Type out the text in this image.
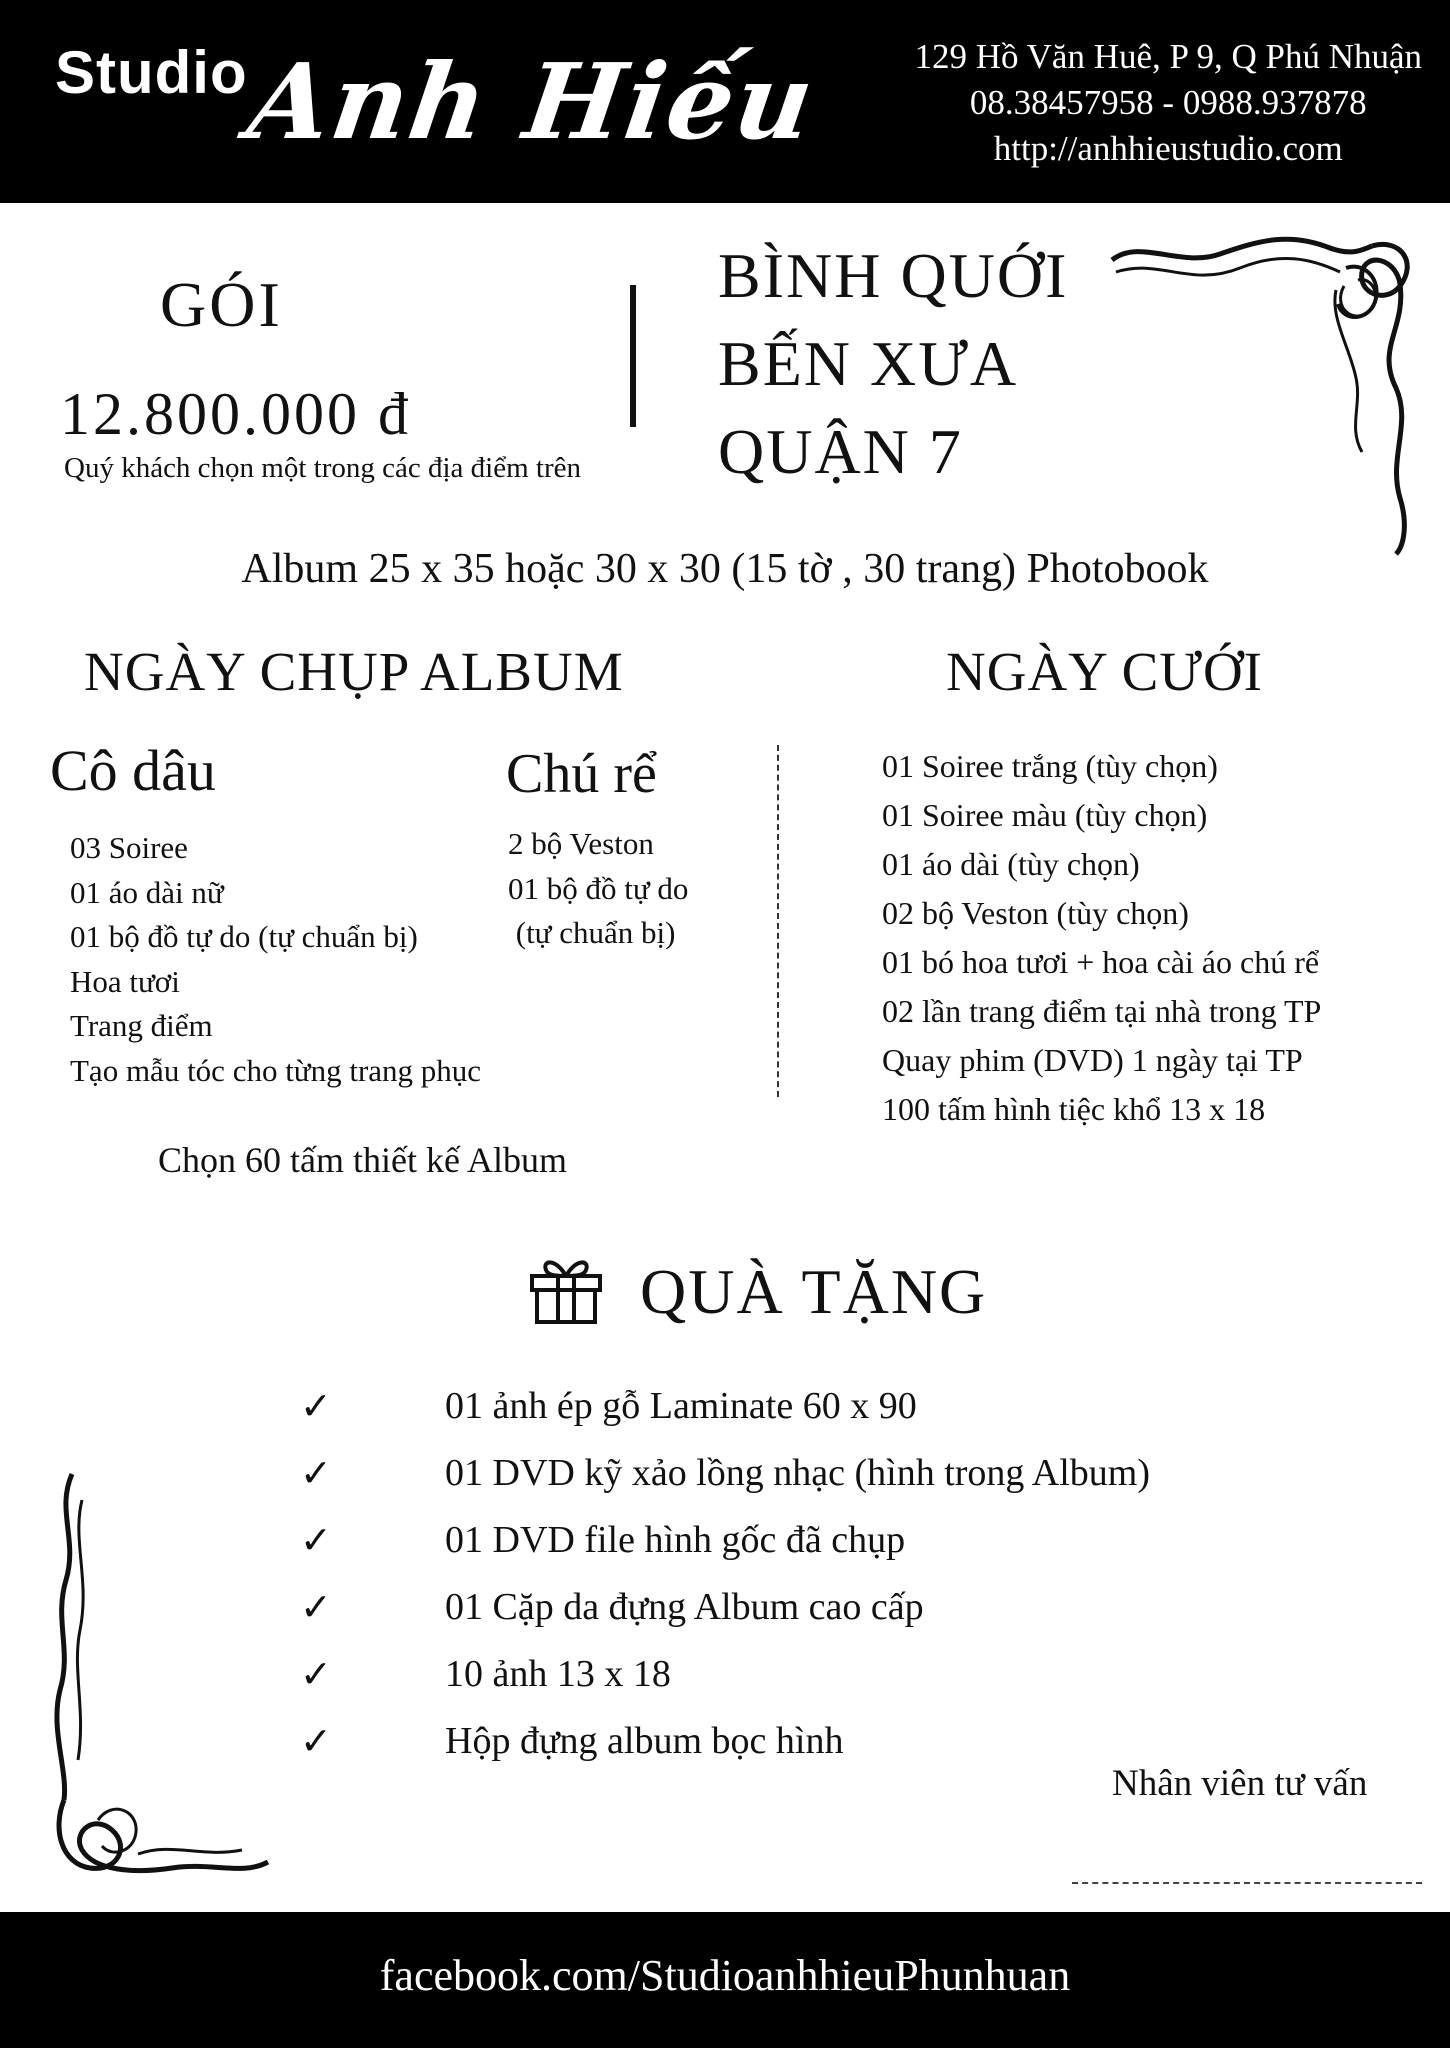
Studio
Anh Hiếu	129 Hồ Văn Huê, P 9, Q Phú Nhuận
08.38457958 - 0988.937878
http://anhhieustudio.com
GÓI
12.800.000 đ
Quý khách chọn một trong các địa điểm trên
BÌNH QUỚI
BẾN XƯA
QUẬN 7
Album 25 x 35 hoặc 30 x 30 (15 tờ , 30 trang) Photobook
NGÀY CHỤP ALBUM
Cô dâu
03 Soiree
01 áo dài nữ
01 bộ đồ tự do (tự chuẩn bị)
Hoa tươi
Trang điểm
Tạo mẫu tóc cho từng trang phục
Chú rể
2 bộ Veston
01 bộ đồ tự do
(tự chuẩn bị)
Chọn 60 tấm thiết kế Album
NGÀY CƯỚI
01 Soiree trắng (tùy chọn)
01 Soiree màu (tùy chọn)
01 áo dài (tùy chọn)
02 bộ Veston (tùy chọn)
01 bó hoa tươi + hoa cài áo chú rể
02 lần trang điểm tại nhà trong TP
Quay phim (DVD) 1 ngày tại TP
100 tấm hình tiệc khổ 13 x 18
QUÀ TẶNG
✓	01 ảnh ép gỗ Laminate 60 x 90
✓	01 DVD kỹ xảo lồng nhạc (hình trong Album)
✓	01 DVD file hình gốc đã chụp
✓	01 Cặp da đựng Album cao cấp
✓	10 ảnh 13 x 18
✓	Hộp đựng album bọc hình
Nhân viên tư vấn
facebook.com/StudioanhhieuPhunhuan
